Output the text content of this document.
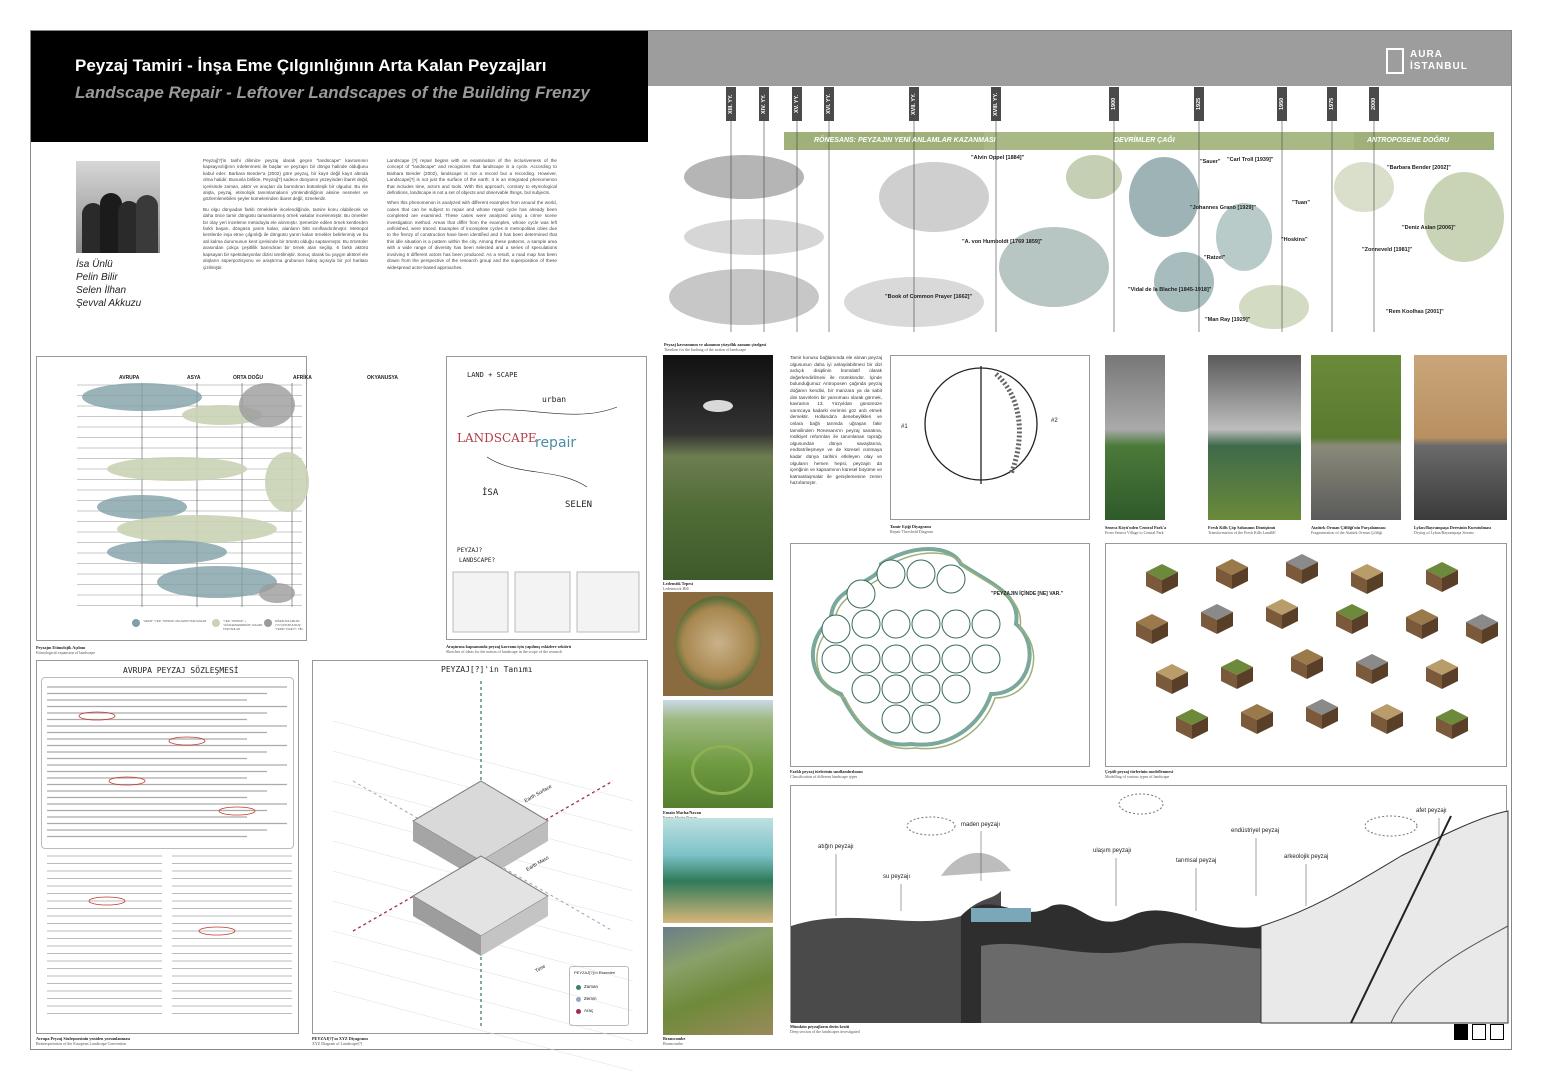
Peyzaj Tamiri - İnşa Eme Çılgınlığının Arta Kalan Peyzajları
Landscape Repair - Leftover Landscapes of the Building Frenzy
AURA
İSTANBUL
İsa Ünlü
Pelin Bilir
Selen İlhan
Şevval Akkuzu

Peyzaj[?]'in tarihi dilimize peyzaj olarak geçen "landscape" kavramının kapsayıcılığının irdelenmesi ile başlar ve peyzajın bir döngü halinde olduğunu kabul eder. Barbara Bender'a (2002) göre peyzaj, bir kayıt değil kayıt altında olma halidir. Bununla birlikte, Peyzaj[?] sadece dünyanın yüzeyinden ibaret değil, içerisinde zaman, aktör ve araçları da barındıran bütünleşik bir olgudur. Bu ele alışla, peyzaj, etimolojik tanımlamaların yönlendirdiğinin aksine nesneler ve gözlemlenebilen şeyler kümelerinden ibaret değil, öznelerdir.

Bu olgu dünyadan farklı örneklerle incelendiğinde, tamire konu olabilecek ve daha önce tamir döngüsü tamamlanmış örnek vakalar incelenmiştir. Bu örnekler bir olay yeri inceleme metoduyla ele alınmıştır. Şemetize edilen örnek kentlerden farklı başarı, döngüsü yarım kalan, alanların bitti sınıflandırılmıştır. Metropol kentlerde inşa etme çılgınlığı ile döngüsü yarım kalan örnekler belirlenmiş ve bu atıl kalma durumunun kent içerisinde bir örüntü olduğu saptanmıştır. Bu örüntüler arasından çokça çeşitlilik barındıran bir örnek alan seçilip, 6 farklı aktörü kapsayan bir spekülasyonlar dizisi üretilmiştir. Sonuç olarak bu yaygın aktörel ele alışların süperpozisyonu ve araştırma grubunun bakış açısıyla bir yol haritası çizilmiştir.

Landscape [?] repair begins with an examination of the inclusiveness of the concept of "landscape" and recognizes that landscape is a cycle. According to Barbara Bender (2002), landscape is not a record but a recording. However, Landscape[?] is not just the surface of the earth; it is an integrated phenomenon that includes time, actors and tools. With this approach, contrary to etymological definitions, landscape is not a set of objects and observable things, but subjects.

When this phenomenon is analyzed with different examples from around the world, cases that can be subject to repair and whose repair cycle has already been completed are examined. These cases were analyzed using a crime scene investigation method. Areas that differ from the examples, whose cycle was left unfinished, were traced. Examples of incomplete cycles in metropolitan cities due to the frenzy of construction have been identified and it has been determined that this idle situation is a pattern within the city. Among these patterns, a sample area with a wide range of diversity has been selected and a series of speculations involving 6 different actors has been produced. As a result, a road map has been drawn from the perspective of the research group and the superposition of these widespread actor-based approaches.

XIII. YY.	XIV. YY.	XV. YY.	XVI. YY.	XVII. YY.	XVIII. YY.	1900	1925	1950	1975	2000
RÖNESANS: PEYZAJIN YENİ ANLAMLAR KAZANMASI	DEVRİMLER ÇAĞI	ANTROPOSENE DOĞRU
"Alvin Oppel [1884]"
"Sauer" "Carl Troll [1939]"
"Barbara Bender [2002]"
"Johannes Granö [1929]"
"Tuan"
"Deniz Aslan [2006]"
"A. von Humboldt [1769 1859]"	"Hoskins"
"Zonneveld [1981]"
"Ratzel"
"Vidal de la Blache [1845-1918]"
"Man Ray [1929]"
"Rem Koolhas [2001]"
"Book of Common Prayer [1662]"
Peyzaj kavramının ve akımının yüzyıllık zamanı çizelgesi
Timeline for the backing of the notion of landscape
AVRUPA	ASYA	ORTA DOĞU	AFRİKA	OKYANUSYA
"ARAZİ","YER, TOPRAK" ANLAMINI TAŞIYANLAR	"YER, TOPRAK" + "GÖZLEMLENEBİLİR" ANLAMI TAŞIYANLAR
DİĞER ANLAMLAR ("UYUŞTURULMUŞ", "YERİN YÜZEYİ", VB.)
Peyzajın Etimolojik Açılımı
Etimological expansion of landscape
LAND + SCAPE
LANDSCAPE
repair
urban
İSA
SELEN
PEYZAJ?
LANDSCAPE?
Araştırma kapsamında peyzaj kavramı için yapılmış eskizlere sektörü
Sketches of ideas for the notion of landscape in the scope of the research
Ledenstik Tepesi
Ledenstock Hill
Emain Macha/Navan
Branscombe
Branscombe
Tamir konusu bağlamında ele alınan peyzaj olgusunun daha iyi anlaşılabilmesi bir dizi ardıçık disiplinin kümülatif olarak değerlendirilmesi ile mümkündür. İçinde bulunduğumuz Antroposen çağında peyzaj doğanın kendisi, bir manzara ya da sabit dini tasvirlerin bir yansıması olarak görmek, kavramın 13. Yüzyıldan günümüze varıncaya kadarki evrimini göz ardı etmek demektir. Hollanda'a denebeylikleri ve onlara bağlı tarımda uğraşan fakir tamsilinden Rönesans'ın peyzaj sanatına, mülkiyet reformları ile tanımlanan toprağı olgusundan dünya savaşlarına, endüstrileşmeye ve de küresel ısınmaya kadar dünya tarihini etkileyen olay ve olguların hemen hepsi, peyzajın da içeriğinin ve kapsamının küresel büyüme ve katmanlaşmalar ile genişlemesine zemin hazırlamıştır.
#1
#2
Tamir Eşiği Diyagramı
Repair Threshold Diagram
Seneca Köyü'nden Central Park'a
From Seneca Village to Central Park
Fresh Kills Çöp Sahasının Dönüşümü
Transformation of the Fresh Kills Landfill
Atatürk Orman Çiftliği'nin Parçalanması
Fragmentation of the Atatürk Orman Çiftliği
Lykus/Bayrampaşa Deresinin Kurutulması
Drying of Lykus/Bayrampaşa Stream
"PEYZAJIN İÇİNDE [NE] VAR."
Farklı peyzaj türlerinin sınıflandırılması
Classification of different landscape types
Çeşitli peyzaj türlerinin modellenmesi
Modelling of various types of landscape
AVRUPA PEYZAJ SÖZLEŞMESİ
Avrupa Peyzaj Sözleşmesinin yeniden yorumlanması
Reinterpretation of the European Landscape Convention
PEYZAJ[?]'in Tanımı
Earth Surface
Earth Mass
Time	PEYZAJ[?]'ın Eksenleri
Zaman
Zemin
Araç
PEYZAJ[?]'ın XYZ Diyagramı
XYZ Diagram of Landscape[?]
atığın peyzajı
su peyzajı
maden peyzajı
ulaşım peyzajı
tarımsal peyzaj
endüstriyel peyzaj
arkeolojik peyzaj
afet peyzajı
Mümkün peyzajların derin kesiti
Deep section of the landscapes investigated
